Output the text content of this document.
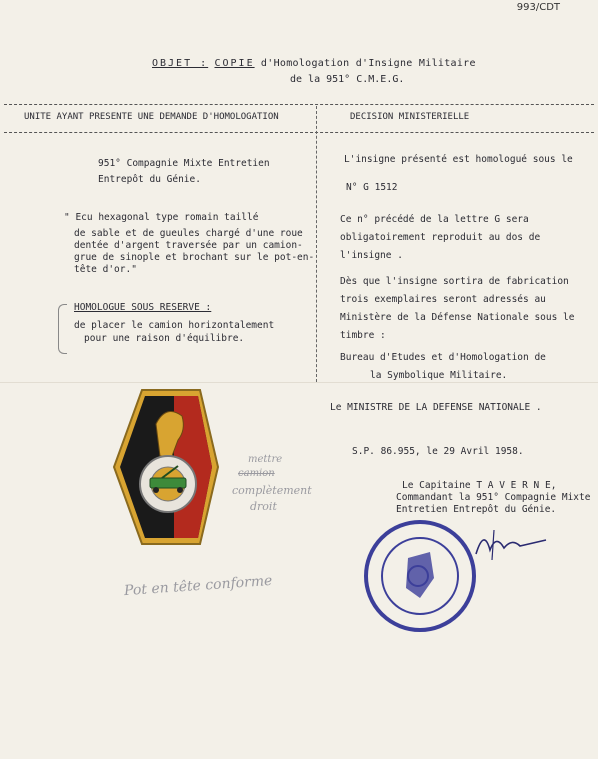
993/CDT
OBJET : COPIE d'Homologation d'Insigne Militaire
de la 951° C.M.E.G.
UNITE AYANT PRESENTE UNE DEMANDE D'HOMOLOGATION	DECISION MINISTERIELLE
951° Compagnie Mixte Entretien
Entrepôt du Génie.
" Ecu hexagonal type romain taillé
de sable et de gueules chargé d'une roue
dentée d'argent traversée par un camion-
grue de sinople et brochant sur le pot-en-
tête d'or."
HOMOLOGUE SOUS RESERVE :
de placer le camion horizontalement
pour une raison d'équilibre.
L'insigne présenté est homologué sous le
N° G 1512
Ce n° précédé de la lettre G sera
obligatoirement reproduit au dos de
l'insigne .
Dès que l'insigne sortira de fabrication
trois exemplaires seront adressés au
Ministère de la Défense Nationale sous le
timbre :
Bureau d'Etudes et d'Homologation de
la Symbolique Militaire.
Le MINISTRE DE LA DEFENSE NATIONALE .
S.P. 86.955, le 29 Avril 1958.
Le Capitaine T A V E R N E,
Commandant la 951° Compagnie Mixte
Entretien Entrepôt du Génie.
mettre
camion
complètement
droit
Pot en tête conforme
